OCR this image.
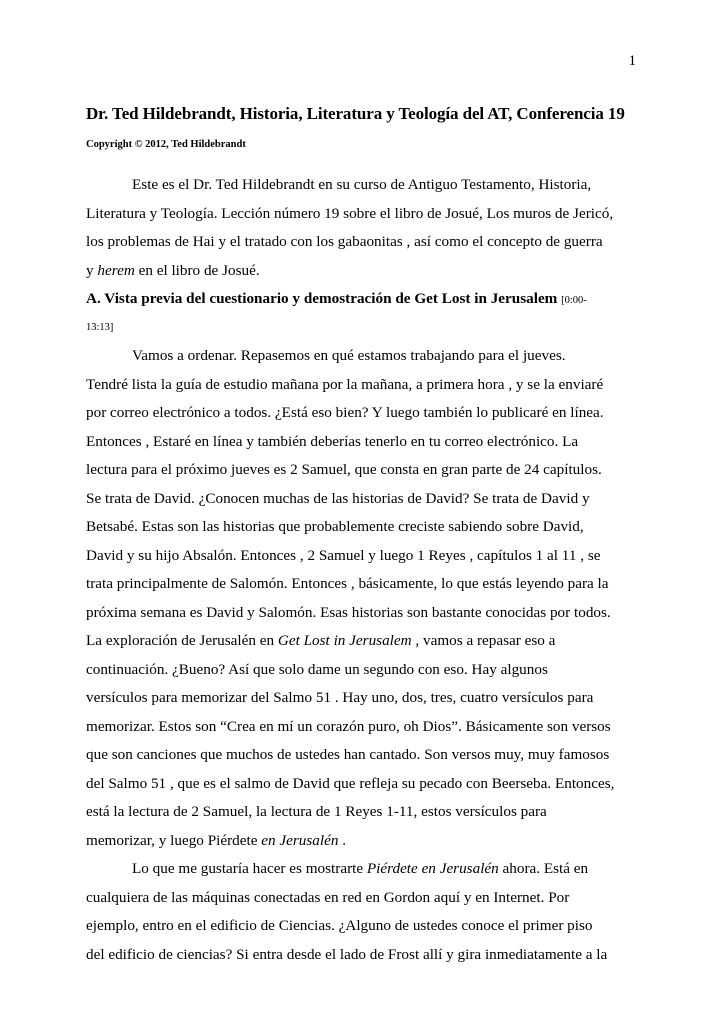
1
Dr. Ted Hildebrandt, Historia, Literatura y Teología del AT, Conferencia 19
Copyright © 2012, Ted Hildebrandt
Este es el Dr. Ted Hildebrandt en su curso de Antiguo Testamento, Historia,
Literatura y Teología. Lección número 19 sobre el libro de Josué, Los muros de Jericó,
los problemas de Hai y el tratado con los gabaonitas , así como el concepto de guerra
y herem en el libro de Josué.
A. Vista previa del cuestionario y demostración de Get Lost in Jerusalem [0:00-
13:13]
Vamos a ordenar. Repasemos en qué estamos trabajando para el jueves.
Tendré lista la guía de estudio mañana por la mañana, a primera hora , y se la enviaré
por correo electrónico a todos. ¿Está eso bien? Y luego también lo publicaré en línea.
Entonces , Estaré en línea y también deberías tenerlo en tu correo electrónico. La
lectura para el próximo jueves es 2 Samuel, que consta en gran parte de 24 capítulos.
Se trata de David. ¿Conocen muchas de las historias de David? Se trata de David y
Betsabé. Estas son las historias que probablemente creciste sabiendo sobre David,
David y su hijo Absalón. Entonces , 2 Samuel y luego 1 Reyes , capítulos 1 al 11 , se
trata principalmente de Salomón. Entonces , básicamente, lo que estás leyendo para la
próxima semana es David y Salomón. Esas historias son bastante conocidas por todos.
La exploración de Jerusalén en Get Lost in Jerusalem , vamos a repasar eso a
continuación. ¿Bueno? Así que solo dame un segundo con eso. Hay algunos
versículos para memorizar del Salmo 51 . Hay uno, dos, tres, cuatro versículos para
memorizar. Estos son “Crea en mí un corazón puro, oh Dios”. Básicamente son versos
que son canciones que muchos de ustedes han cantado. Son versos muy, muy famosos
del Salmo 51 , que es el salmo de David que refleja su pecado con Beerseba. Entonces,
está la lectura de 2 Samuel, la lectura de 1 Reyes 1-11, estos versículos para
memorizar, y luego Piérdete en Jerusalén .
Lo que me gustaría hacer es mostrarte Piérdete en Jerusalén ahora. Está en
cualquiera de las máquinas conectadas en red en Gordon aquí y en Internet. Por
ejemplo, entro en el edificio de Ciencias. ¿Alguno de ustedes conoce el primer piso
del edificio de ciencias? Si entra desde el lado de Frost allí y gira inmediatamente a la
